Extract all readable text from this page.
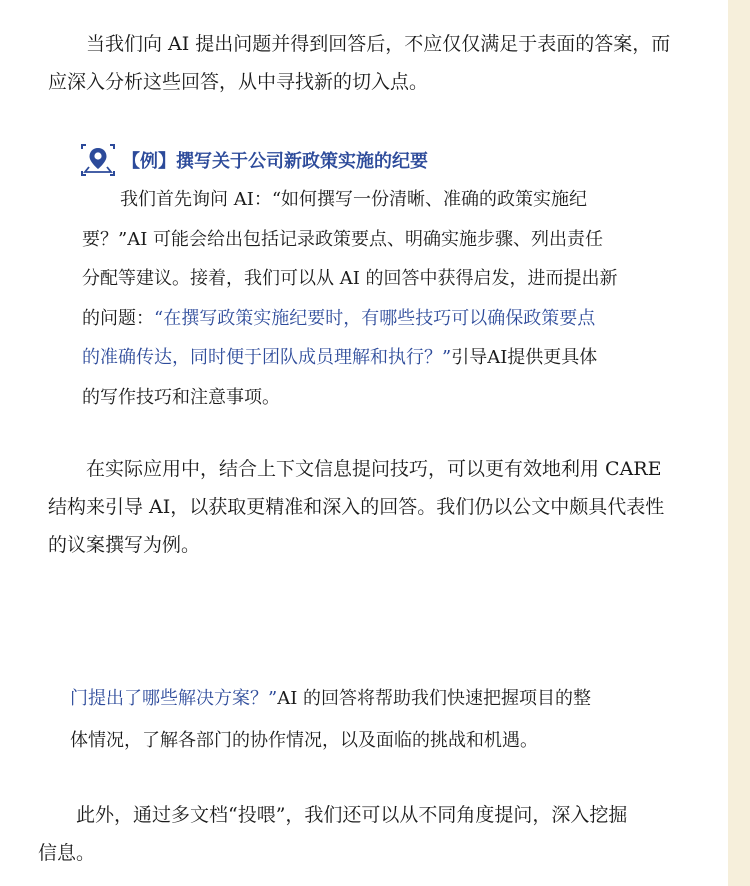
当我们向 AI 提出问题并得到回答后，不应仅仅满足于表面的答案，而
应深入分析这些回答，从中寻找新的切入点。

【例】撰写关于公司新政策实施的纪要

我们首先询问 AI：“如何撰写一份清晰、准确的政策实施纪
要？”AI 可能会给出包括记录政策要点、明确实施步骤、列出责任
分配等建议。接着，我们可以从 AI 的回答中获得启发，进而提出新
的问题：“在撰写政策实施纪要时，有哪些技巧可以确保政策要点
的准确传达，同时便于团队成员理解和执行？”引导AI提供更具体
的写作技巧和注意事项。

在实际应用中，结合上下文信息提问技巧，可以更有效地利用 CARE
结构来引导 AI，以获取更精准和深入的回答。我们仍以公文中颇具代表性
的议案撰写为例。

门提出了哪些解决方案？”AI 的回答将帮助我们快速把握项目的整
体情况，了解各部门的协作情况，以及面临的挑战和机遇。

此外，通过多文档“投喂”，我们还可以从不同角度提问，深入挖掘
信息。
